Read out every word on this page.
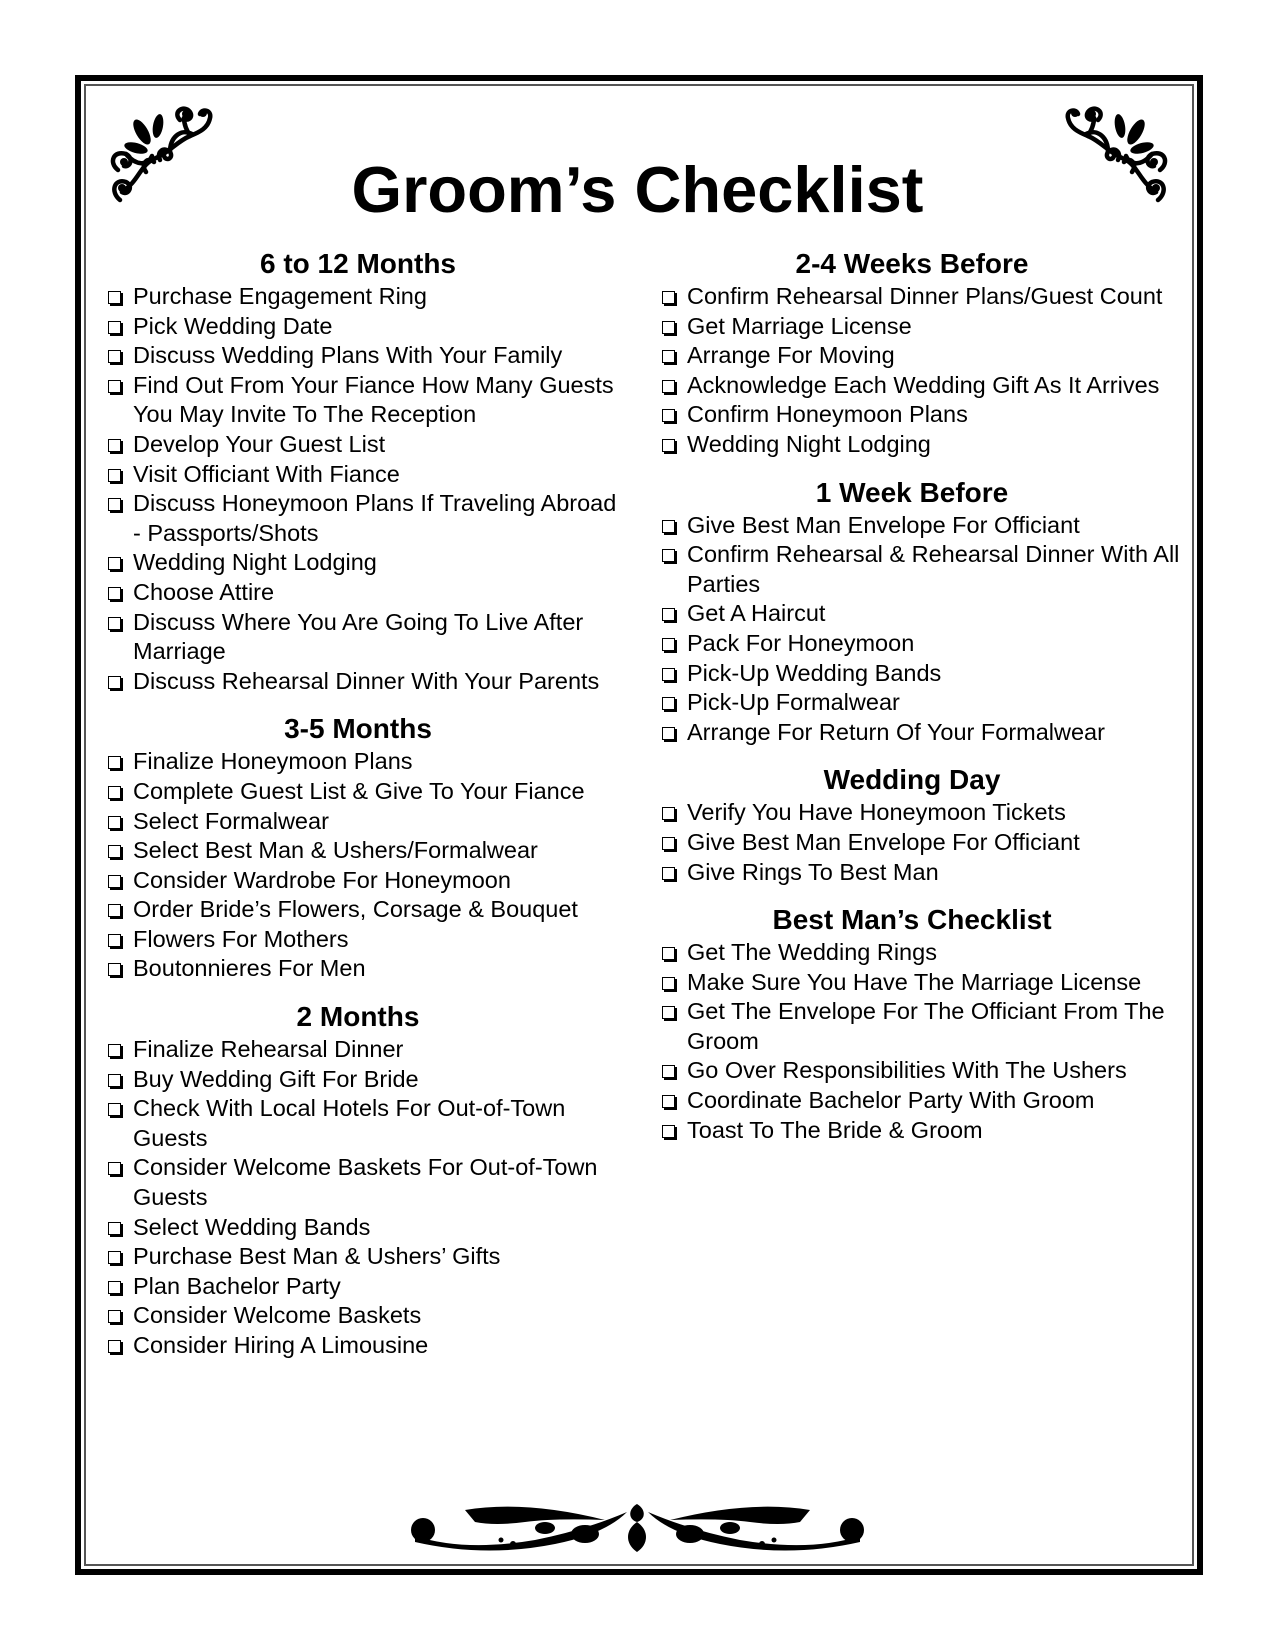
Groom’s Checklist
6 to 12 Months
Purchase Engagement Ring
Pick Wedding Date
Discuss Wedding Plans With Your Family
Find Out From Your Fiance How Many Guests You May Invite To The Reception
Develop Your Guest List
Visit Officiant With Fiance
Discuss Honeymoon Plans If Traveling Abroad - Passports/Shots
Wedding Night Lodging
Choose Attire
Discuss Where You Are Going To Live After Marriage
Discuss Rehearsal Dinner With Your Parents
3-5 Months
Finalize Honeymoon Plans
Complete Guest List & Give To Your Fiance
Select Formalwear
Select Best Man & Ushers/Formalwear
Consider Wardrobe For Honeymoon
Order Bride’s Flowers, Corsage & Bouquet
Flowers For Mothers
Boutonnieres For Men
2 Months
Finalize Rehearsal Dinner
Buy Wedding Gift For Bride
Check With Local Hotels For Out-of-Town Guests
Consider Welcome Baskets For Out-of-Town Guests
Select Wedding Bands
Purchase Best Man & Ushers’ Gifts
Plan Bachelor Party
Consider Welcome Baskets
Consider Hiring A Limousine
2-4 Weeks Before
Confirm Rehearsal Dinner Plans/Guest Count
Get Marriage License
Arrange For Moving
Acknowledge Each Wedding Gift As It Arrives
Confirm Honeymoon Plans
Wedding Night Lodging
1 Week Before
Give Best Man Envelope For Officiant
Confirm Rehearsal & Rehearsal Dinner With All Parties
Get A Haircut
Pack For Honeymoon
Pick-Up Wedding Bands
Pick-Up Formalwear
Arrange For Return Of Your Formalwear
Wedding Day
Verify You Have Honeymoon Tickets
Give Best Man Envelope For Officiant
Give Rings To Best Man
Best Man’s Checklist
Get The Wedding Rings
Make Sure You Have The Marriage License
Get The Envelope For The Officiant From The Groom
Go Over Responsibilities With The Ushers
Coordinate Bachelor Party With Groom
Toast To The Bride & Groom
